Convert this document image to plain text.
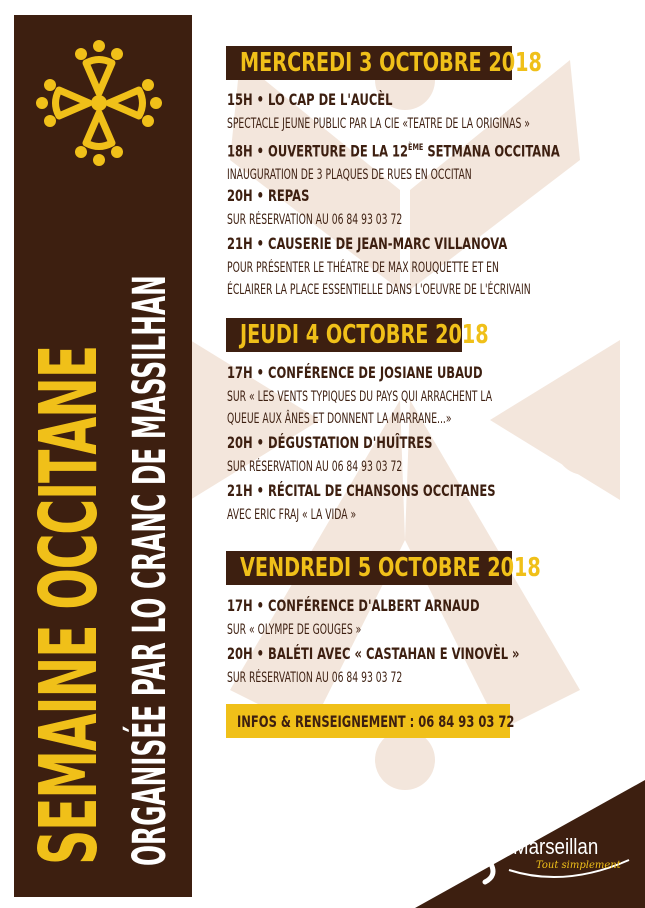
SEMAINE OCCITANE ORGANISÉE PAR LO CRANC DE MASSILHAN
MERCREDI 3 OCTOBRE 2018
15H • LO CAP DE L'AUCÈL
SPECTACLE JEUNE PUBLIC PAR LA CIE «TEATRE DE LA ORIGINAS »
18H • OUVERTURE DE LA 12ÈME SETMANA OCCITANA
INAUGURATION DE 3 PLAQUES DE RUES EN OCCITAN
20H • REPAS
SUR RÉSERVATION AU 06 84 93 03 72
21H • CAUSERIE DE JEAN-MARC VILLANOVA
POUR PRÉSENTER LE THÉATRE DE MAX ROUQUETTE ET EN
ÉCLAIRER LA PLACE ESSENTIELLE DANS L'OEUVRE DE L'ÉCRIVAIN
JEUDI 4 OCTOBRE 2018
17H • CONFÉRENCE DE JOSIANE UBAUD
SUR « LES VENTS TYPIQUES DU PAYS QUI ARRACHENT LA
QUEUE AUX ÂNES ET DONNENT LA MARRANE...»
20H • DÉGUSTATION D'HUÎTRES
SUR RÉSERVATION AU 06 84 93 03 72
21H • RÉCITAL DE CHANSONS OCCITANES
AVEC ERIC FRAJ « LA VIDA »
VENDREDI 5 OCTOBRE 2018
17H • CONFÉRENCE D'ALBERT ARNAUD
SUR « OLYMPE DE GOUGES »
20H • BALÉTI AVEC « CASTAHAN E VINOVÈL »
SUR RÉSERVATION AU 06 84 93 03 72
INFOS & RENSEIGNEMENT : 06 84 93 03 72
Marseillan
Tout simplement
